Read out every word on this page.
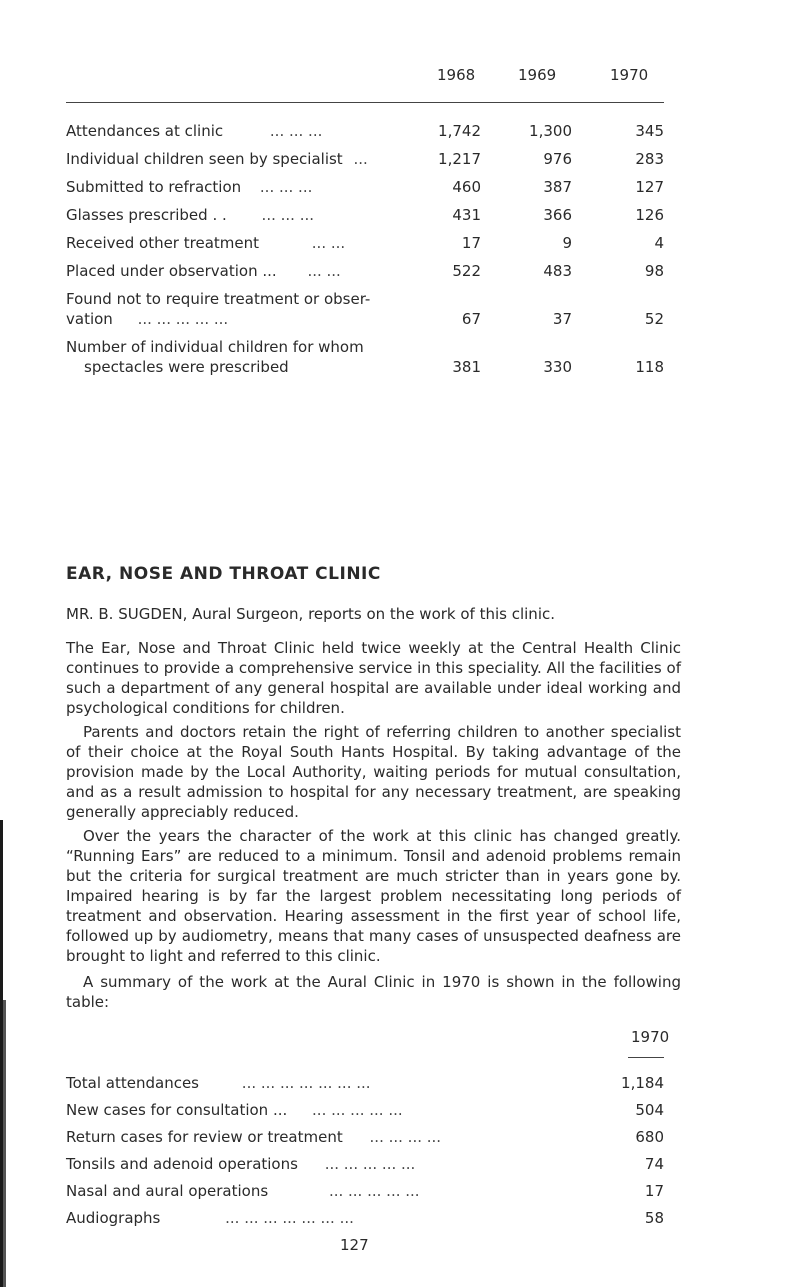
1968	1969	1970
Attendances at clinic	... ... ...	1,742	1,300	345
Individual children seen by specialist ...	1,217	976	283
Submitted to refraction ... ... ...	460	387	127
Glasses prescribed . . ... ... ...	431	366	126
Received other treatment	... ...	17	9	4
Placed under observation ... ... ...	522	483	98
Found not to require treatment or obser-
vation ... ... ... ... ...	67	37	52
Number of individual children for whom
spectacles were prescribed	381	330	118
EAR, NOSE AND THROAT CLINIC

MR. B. SUGDEN, Aural Surgeon, reports on the work of this clinic.

The Ear, Nose and Throat Clinic held twice weekly at the Central Health Clinic continues to provide a comprehensive service in this speciality. All the facilities of such a department of any general hospital are available under ideal working and psychological conditions for children.

Parents and doctors retain the right of referring children to another specialist of their choice at the Royal South Hants Hospital. By taking advantage of the provision made by the Local Authority, waiting periods for mutual consultation, and as a result admission to hospital for any necessary treatment, are speaking generally appreciably reduced.

Over the years the character of the work at this clinic has changed greatly. “Running Ears” are reduced to a minimum. Tonsil and adenoid problems remain but the criteria for surgical treatment are much stricter than in years gone by. Impaired hearing is by far the largest problem necessitating long periods of treatment and observation. Hearing assessment in the first year of school life, followed up by audiometry, means that many cases of unsuspected deafness are brought to light and referred to this clinic.

A summary of the work at the Aural Clinic in 1970 is shown in the following table:

1970
Total attendances	... ... ... ... ... ... ...	1,184
New cases for consultation ... ... ... ... ... ...	504
Return cases for review or treatment ... ... ... ...	680
Tonsils and adenoid operations ... ... ... ... ...	74
Nasal and aural operations	... ... ... ... ...	17
Audiographs	... ... ... ... ... ... ...	58
127
